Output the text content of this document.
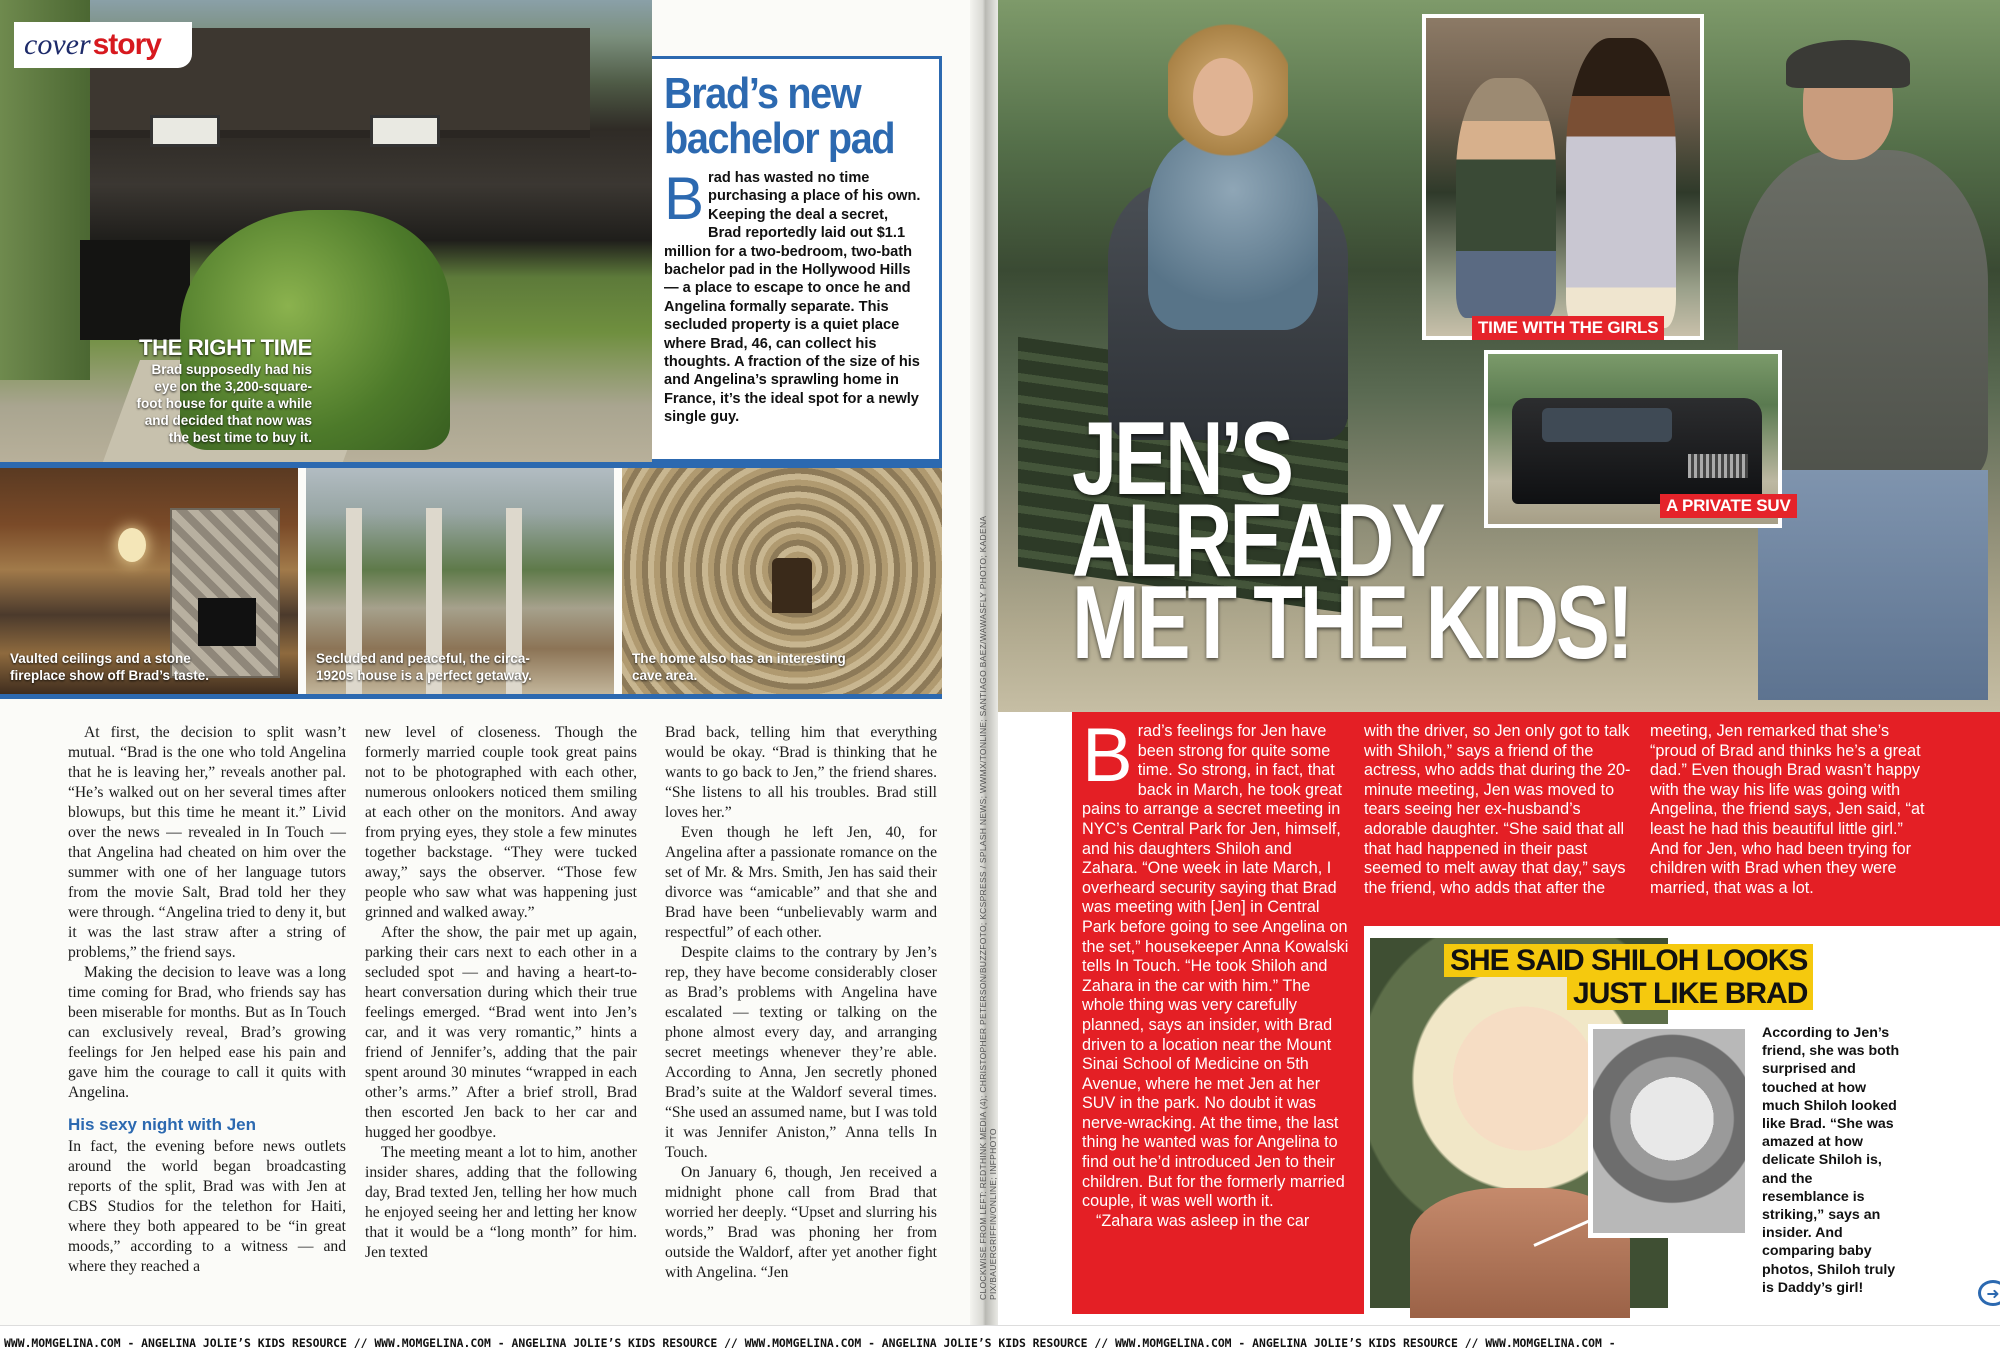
THE RIGHT TIME
Brad supposedly had his
eye on the 3,200-square-
foot house for quite a while
and decided that now was
the best time to buy it.
cover story
Brad’s new
bachelor pad
Brad has wasted no time purchasing a place of his own. Keeping the deal a secret, Brad reportedly laid out $1.1 million for a two-bedroom, two-bath bachelor pad in the Hollywood Hills — a place to escape to once he and Angelina formally separate. This secluded property is a quiet place where Brad, 46, can collect his thoughts. A fraction of the size of his and Angelina’s sprawling home in France, it’s the ideal spot for a newly single guy.
Vaulted ceilings and a stone
fireplace show off Brad’s taste.
Secluded and peaceful, the circa-
1920s house is a perfect getaway.
The home also has an interesting
cave area.

At first, the decision to split wasn’t mutual. “Brad is the one who told Angelina that he is leaving her,” reveals another pal. “He’s walked out on her several times after blowups, but this time he meant it.” Livid over the news — revealed in In Touch — that Angelina had cheated on him over the summer with one of her language tutors from the movie Salt, Brad told her they were through. “Angelina tried to deny it, but it was the last straw after a string of problems,” the friend says.

Making the decision to leave was a long time coming for Brad, who friends say has been miserable for months. But as In Touch can exclusively reveal, Brad’s growing feelings for Jen helped ease his pain and gave him the courage to call it quits with Angelina.

His sexy night with Jen

In fact, the evening before news outlets around the world began broadcasting reports of the split, Brad was with Jen at CBS Studios for the telethon for Haiti, where they both appeared to be “in great moods,” according to a witness — and where they reached a

new level of closeness. Though the formerly married couple took great pains not to be photographed with each other, numerous onlookers noticed them smiling at each other on the monitors. And away from prying eyes, they stole a few minutes together backstage. “They were tucked away,” says the observer. “Those few people who saw what was happening just grinned and walked away.”

After the show, the pair met up again, parking their cars next to each other in a secluded spot — and having a heart-to-heart conversation during which their true feelings emerged. “Brad went into Jen’s car, and it was very romantic,” hints a friend of Jennifer’s, adding that the pair spent around 30 minutes “wrapped in each other’s arms.” After a brief stroll, Brad then escorted Jen back to her car and hugged her goodbye.

The meeting meant a lot to him, another insider shares, adding that the following day, Brad texted Jen, telling her how much he enjoyed seeing her and letting her know that it would be a “long month” for him. Jen texted

Brad back, telling him that everything would be okay. “Brad is thinking that he wants to go back to Jen,” the friend shares. “She listens to all his troubles. Brad still loves her.”

Even though he left Jen, 40, for Angelina after a passionate romance on the set of Mr. & Mrs. Smith, Jen has said their divorce was “amicable” and that she and Brad have been “unbelievably warm and respectful” of each other.

Despite claims to the contrary by Jen’s rep, they have become considerably closer as Brad’s problems with Angelina have escalated — texting or talking on the phone almost every day, and arranging secret meetings whenever they’re able. According to Anna, Jen secretly phoned Brad’s suite at the Waldorf several times. “She used an assumed name, but I was told it was Jennifer Aniston,” Anna tells In Touch.

On January 6, though, Jen received a midnight phone call from Brad that worried her deeply. “Upset and slurring his words,” Brad was phoning her from outside the Waldorf, after yet another fight with Angelina. “Jen	CLOCKWISE FROM LEFT: REDTHINK MEDIA (4); CHRISTOPHER PETERSON/BUZZFOTO; KCSPRESS / SPLASH NEWS; WWMX/TONLINE; SANTIAGO BAEZ/WAWASFLY PHOTO; KADENA PIX/BAUERGRIFFIN/ONLINE; INFPHOTO
TIME WITH THE GIRLS
A PRIVATE SUV
JEN’S
ALREADY
MET THE KIDS!

Brad’s feelings for Jen have been strong for quite some time. So strong, in fact, that back in March, he took great pains to arrange a secret meeting in NYC’s Central Park for Jen, himself, and his daughters Shiloh and Zahara. “One week in late March, I overheard security saying that Brad was meeting with [Jen] in Central Park before going to see Angelina on the set,” housekeeper Anna Kowalski tells In Touch. “He took Shiloh and Zahara in the car with him.” The whole thing was very carefully planned, says an insider, with Brad driven to a location near the Mount Sinai School of Medicine on 5th Avenue, where he met Jen at her SUV in the park. No doubt it was nerve-wracking. At the time, the last thing he wanted was for Angelina to find out he’d introduced Jen to their children. But for the formerly married couple, it was well worth it.

“Zahara was asleep in the car

with the driver, so Jen only got to talk with Shiloh,” says a friend of the actress, who adds that during the 20-minute meeting, Jen was moved to tears seeing her ex-husband’s adorable daughter. “She said that all that had happened in their past seemed to melt away that day,” says the friend, who adds that after the

meeting, Jen remarked that she’s “proud of Brad and thinks he’s a great dad.” Even though Brad wasn’t happy with the way his life was going with Angelina, the friend says, Jen said, “at least he had this beautiful little girl.” And for Jen, who had been trying for children with Brad when they were married, that was a lot.

SHE SAID SHILOH LOOKS
JUST LIKE BRAD
According to Jen’s friend, she was both surprised and touched at how much Shiloh looked like Brad. “She was amazed at how delicate Shiloh is, and the resemblance is striking,” says an insider. And comparing baby photos, Shiloh truly is Daddy’s girl!	➜
WWW.MOMGELINA.COM - ANGELINA JOLIE’S KIDS RESOURCE // WWW.MOMGELINA.COM - ANGELINA JOLIE’S KIDS RESOURCE // WWW.MOMGELINA.COM - ANGELINA JOLIE’S KIDS RESOURCE // WWW.MOMGELINA.COM - ANGELINA JOLIE’S KIDS RESOURCE // WWW.MOMGELINA.COM -
